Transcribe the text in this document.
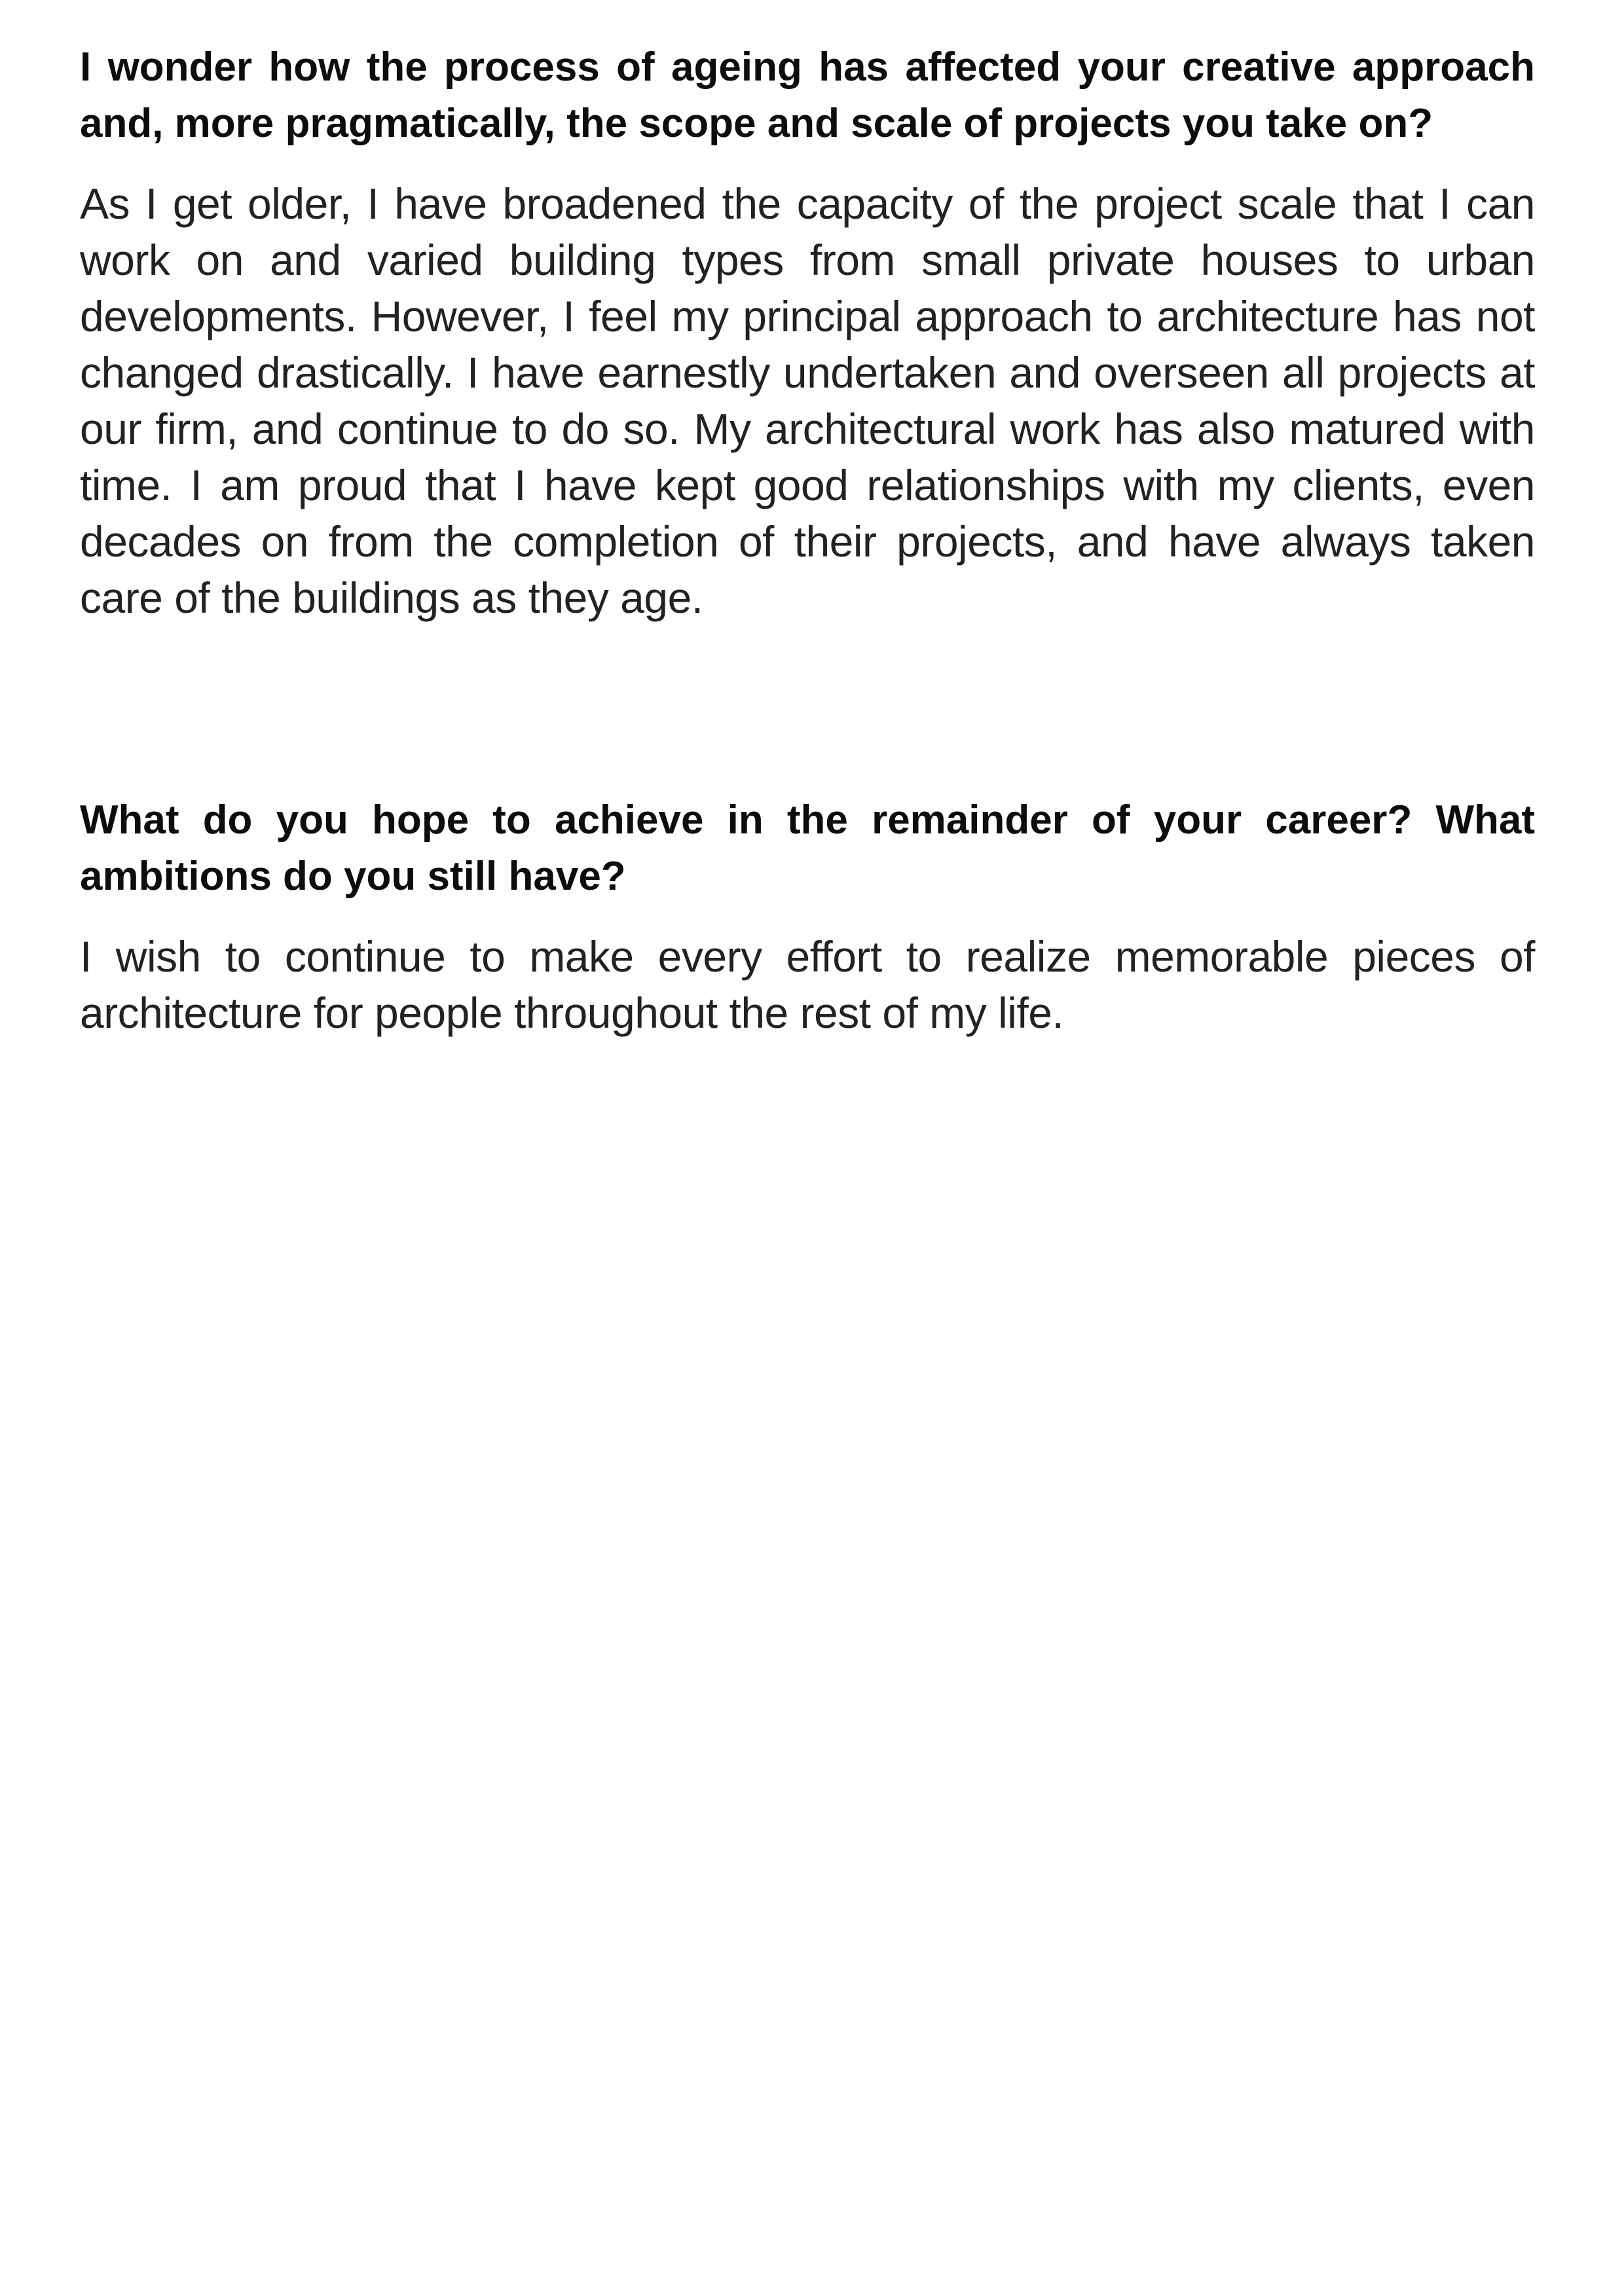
I wonder how the process of ageing has affected your creative approach and, more pragmatically, the scope and scale of projects you take on?

As I get older, I have broadened the capacity of the project scale that I can work on and varied building types from small private houses to urban developments. However, I feel my principal approach to architecture has not changed drastically. I have earnestly undertaken and overseen all projects at our firm, and continue to do so. My architectural work has also matured with time. I am proud that I have kept good relationships with my clients, even decades on from the completion of their projects, and have always taken care of the buildings as they age.

What do you hope to achieve in the remainder of your career? What ambitions do you still have?

I wish to continue to make every effort to realize memorable pieces of architecture for people throughout the rest of my life.
